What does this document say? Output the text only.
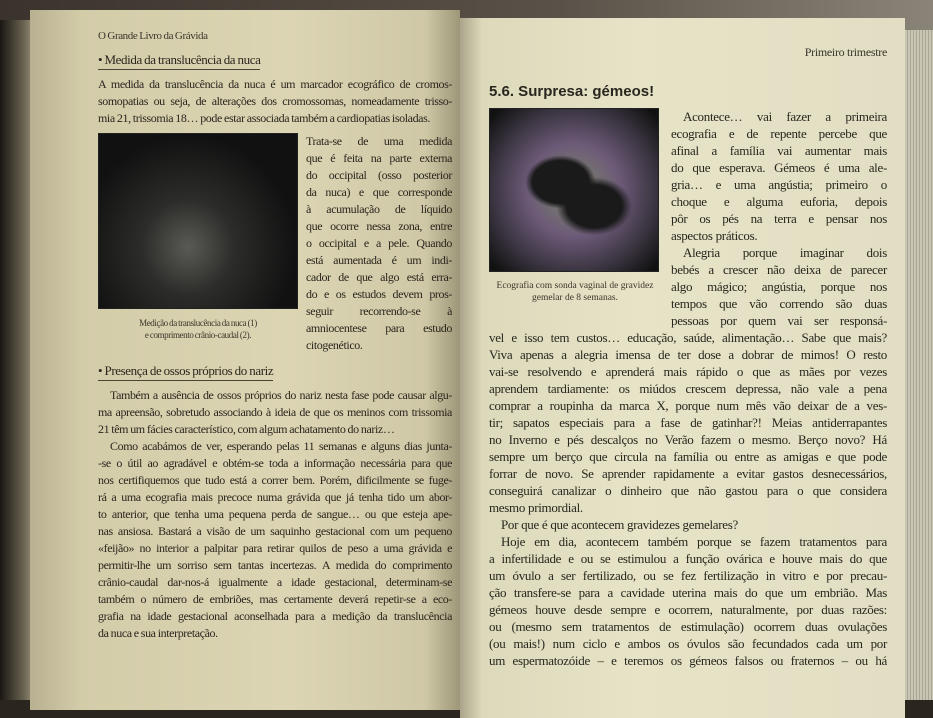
O Grande Livro da Grávida
• Medida da translucência da nuca
A medida da translucência da nuca é um marcador ecográfico de cromos-
somopatias ou seja, de alterações dos cromossomas, nomeadamente trisso-
mia 21, trissomia 18… pode estar associada também a cardiopatias isoladas.
Medição da translucência da nuca (1)
e comprimento crânio-caudal (2).
Trata-se de uma medida
que é feita na parte externa
do occipital (osso posterior
da nuca) e que corresponde
à acumulação de líquido
que ocorre nessa zona, entre
o occipital e a pele. Quando
está aumentada é um indi-
cador de que algo está erra-
do e os estudos devem pros-
seguir recorrendo-se à
amniocentese para estudo
citogenético.
• Presença de ossos próprios do nariz
Também a ausência de ossos próprios do nariz nesta fase pode causar algu-
ma apreensão, sobretudo associando à ideia de que os meninos com trissomia
21 têm um fácies característico, com algum achatamento do nariz…
Como acabámos de ver, esperando pelas 11 semanas e alguns dias junta-
-se o útil ao agradável e obtém-se toda a informação necessária para que
nos certifiquemos que tudo está a correr bem. Porém, dificilmente se fuge-
rá a uma ecografia mais precoce numa grávida que já tenha tido um abor-
to anterior, que tenha uma pequena perda de sangue… ou que esteja ape-
nas ansiosa. Bastará a visão de um saquinho gestacional com um pequeno
«feijão» no interior a palpitar para retirar quilos de peso a uma grávida e
permitir-lhe um sorriso sem tantas incertezas. A medida do comprimento
crânio-caudal dar-nos-á igualmente a idade gestacional, determinam-se
também o número de embriões, mas certamente deverá repetir-se a eco-
grafia na idade gestacional aconselhada para a medição da translucência
da nuca e sua interpretação.
Primeiro trimestre
5.6. Surpresa: gémeos!
Ecografia com sonda vaginal de gravidez
gemelar de 8 semanas.
Acontece… vai fazer a primeira
ecografia e de repente percebe que
afinal a família vai aumentar mais
do que esperava. Gémeos é uma ale-
gria… e uma angústia; primeiro o
choque e alguma euforia, depois
pôr os pés na terra e pensar nos
aspectos práticos.
Alegria porque imaginar dois
bebés a crescer não deixa de parecer
algo mágico; angústia, porque nos
tempos que vão correndo são duas
pessoas por quem vai ser responsá-
vel e isso tem custos… educação, saúde, alimentação… Sabe que mais?
Viva apenas a alegria imensa de ter dose a dobrar de mimos! O resto
vai-se resolvendo e aprenderá mais rápido o que as mães por vezes
aprendem tardiamente: os miúdos crescem depressa, não vale a pena
comprar a roupinha da marca X, porque num mês vão deixar de a ves-
tir; sapatos especiais para a fase de gatinhar?! Meias antiderrapantes
no Inverno e pés descalços no Verão fazem o mesmo. Berço novo? Há
sempre um berço que circula na família ou entre as amigas e que pode
forrar de novo. Se aprender rapidamente a evitar gastos desnecessários,
conseguirá canalizar o dinheiro que não gastou para o que considera
mesmo primordial.
Por que é que acontecem gravidezes gemelares?
Hoje em dia, acontecem também porque se fazem tratamentos para
a infertilidade e ou se estimulou a função ovárica e houve mais do que
um óvulo a ser fertilizado, ou se fez fertilização in vitro e por precau-
ção transfere-se para a cavidade uterina mais do que um embrião. Mas
gémeos houve desde sempre e ocorrem, naturalmente, por duas razões:
ou (mesmo sem tratamentos de estimulação) ocorrem duas ovulações
(ou mais!) num ciclo e ambos os óvulos são fecundados cada um por
um espermatozóide – e teremos os gémeos falsos ou fraternos – ou há
